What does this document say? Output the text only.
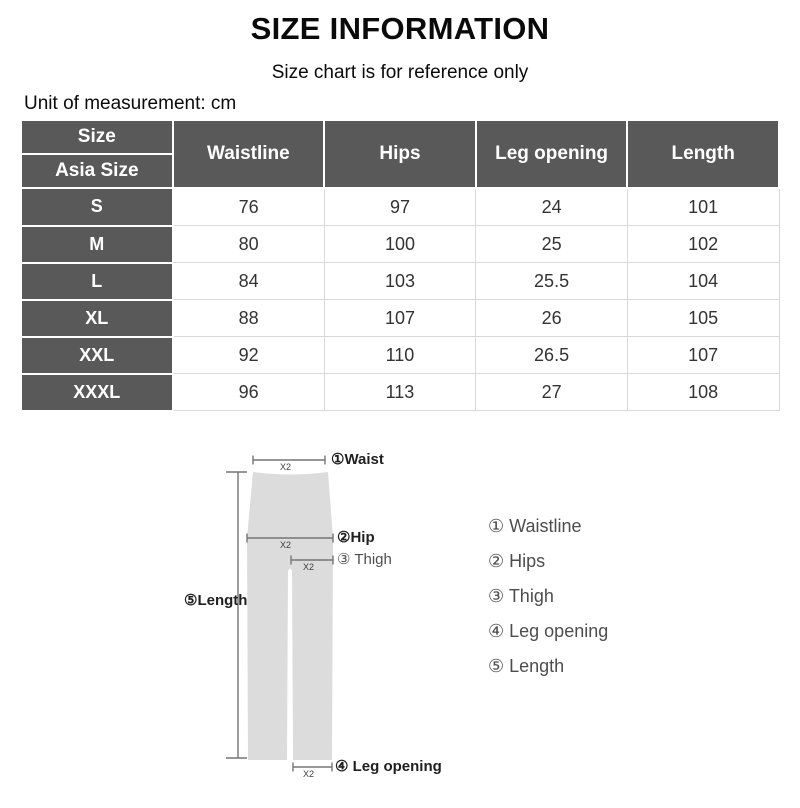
SIZE INFORMATION
Size chart is for reference only
Unit of measurement: cm
Size	Waistline	Hips	Leg opening	Length
Asia Size				
S	76	97	24	101
M	80	100	25	102
L	84	103	25.5	104
XL	88	107	26	105
XXL	92	110	26.5	107
XXXL	96	113	27	108
①Waist
X2
②Hip
X2
③ Thigh
X2
⑤Length
④ Leg opening
X2
① Waistline
② Hips
③ Thigh
④ Leg opening
⑤ Length
